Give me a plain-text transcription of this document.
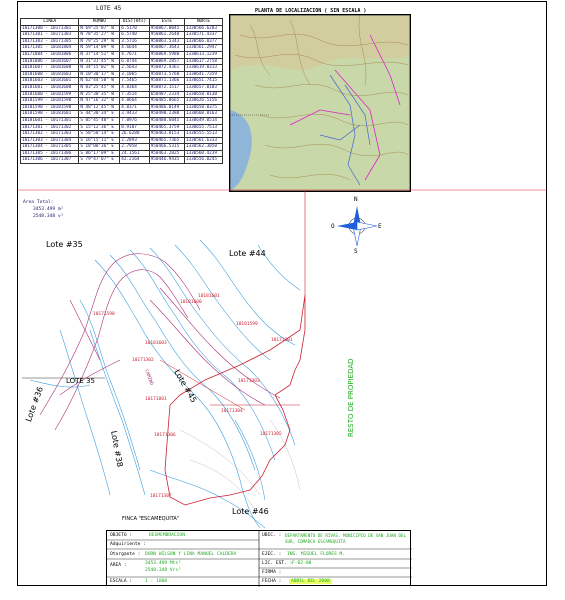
LOTE 45
LINEA	RUMBO	DIST(mts)	ESTE	NORTE
10171300 - 10171301	N 69°25'07" W	6.5170	950867.0045	1330566.6283
10171301 - 10171303	N 78°35'27" W	6.5740	950861.2640	1330571.4337
10171303 - 10171305	N 79°25'29" W	3.5716	950863.5343	1330566.0377
10171305 - 10181804	N 59°14'09" W	4.6644	950867.3643	1330561.2947
10171804 - 10181806	N 37°14'51" W	4.7671	950869.5980	1330613.1239
10181806 - 10181607	N 31°31'45" W	6.0744	950869.2857	1330617.2758
10181607 - 10181608	N 34°15'02" W	2.5643	950872.4361	1330619.0313
10181608 - 10181603	N 10°30'17" W	3.1065	950873.5768	1330641.7359
10181603 - 10181601	N 62°44'50" W	7.5465	950871.1366	1330651.7415
10181601 - 10181600	N 83°25'45" W	4.8364	950872.1517	1330657.0183
10181600 - 10181599	N 25°30'35" W	7.3514	650487.2334	1330658.0130
10181599 - 10181598	N 47°16'32" W	4.8664	950485.8665	1330626.5156
10181598 - 10181598	N 48°12'45" W	4.8371	950486.0149	1330658.0375
10181598 - 10181601	S 44°30'34" E	3.9433	950490.2380	1330660.0163
10181601 - 10171301	S 85°45'40" E	7.0976	950488.6045	1330649.0514
10171301 - 10171302	S 15°12'36" E	8.9187	950465.3759	1330655.7513
10171302 - 10171303	S 50°50'14" E	26.6288	950463.0153	1330555.5513
10171303 - 10171304	S 16°15'11" E	2.2893	950465.7365	1330561.6333
10171304 - 10171305	S 18°00'36" E	2.7958	950466.5315	1330562.3050
10171305 - 10171306	S 06°17'09" E	24.1561	950463.2825	1330560.4239
10171306 - 10171307	S 79°47'07" E	42.2164	950446.9435	1330556.8245
Area Total:
3453.499 m²
2548.348 v²
PLANTA DE LOCALIZACION ( SIN ESCALA )
N
S
E
O
Lote #35
Lote #44
LOTE 35
Lote #36	Lote #45
Lote #38
Lote #46
CAMINO	RESTO DE PROPIEDAD
FINCA "ESCAMEQUITA"
10181600
10181601
10171598
10181599
10171301
10181603
10171302
10171303
10171304
10171305
10171801
10171306
10171307
OBJETO :	DESMEMBRACION
Adquiriente :
Otorgante : DORN WILSON Y LINA MANUEL CALDERA
AREA :	3453.499 Mts²
2548.348 Vrs²
ESCALA :	1 : 1000
UBIC. : DEPARTAMENTO DE RIVAS, MUNICIPIO DE SAN JUAN DEL SUR, COMARCA ESCAMEQUITA
EJEC. : ING. MIGUEL FLORES M.
LIC. EST. : F-02-00
FIRMA :
FECHA :	ABRIL DEL 2008
